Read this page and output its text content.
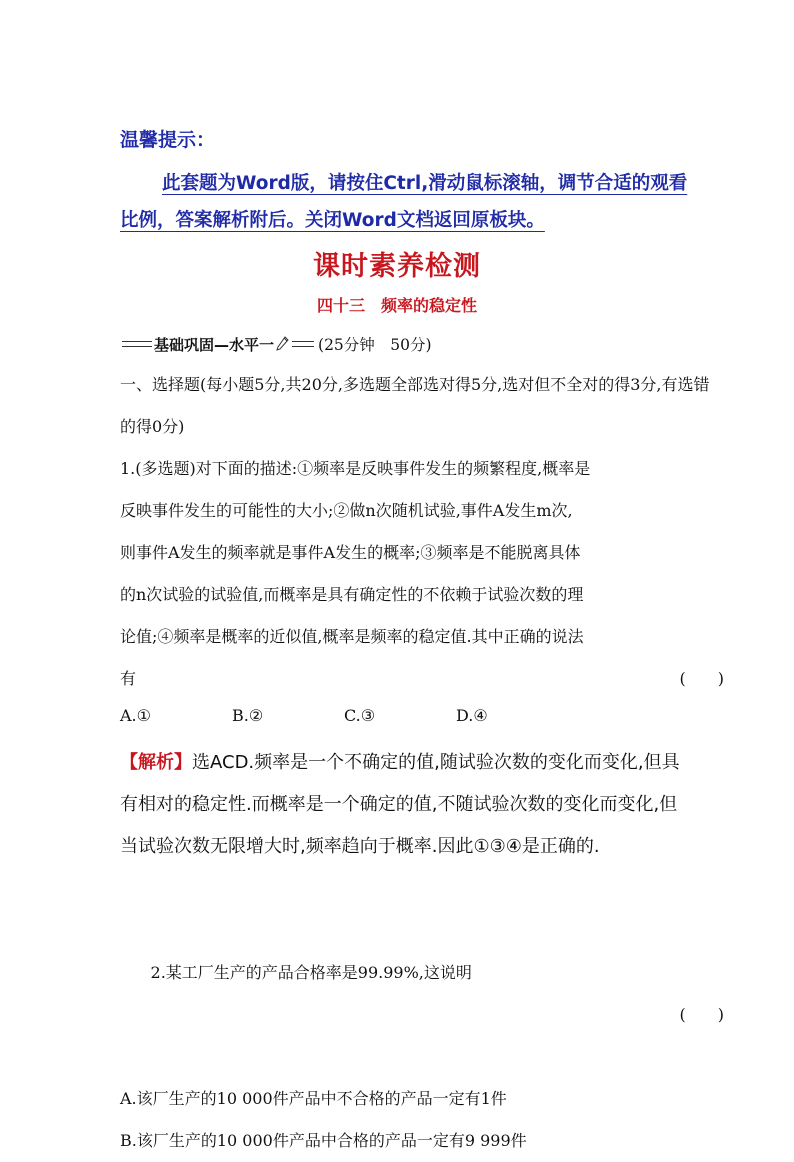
温馨提示：
此套题为Word版，请按住Ctrl,滑动鼠标滚轴，调节合适的观看比例，答案解析附后。关闭Word文档返回原板块。
课时素养检测
四十三　频率的稳定性
基础巩固—水平一	(25分钟　50分)

一、选择题(每小题5分,共20分,多选题全部选对得5分,选对但不全对的得3分,有选错的得0分)

1.(多选题)对下面的描述:①频率是反映事件发生的频繁程度,概率是

反映事件发生的可能性的大小;②做n次随机试验,事件A发生m次,

则事件A发生的频率就是事件A发生的概率;③频率是不能脱离具体

的n次试验的试验值,而概率是具有确定性的不依赖于试验次数的理

论值;④频率是概率的近似值,概率是频率的稳定值.其中正确的说法

有	(　　)
A.①	B.②	C.③	D.④
【解析】选ACD.频率是一个不确定的值,随试验次数的变化而变化,但具有相对的稳定性.而概率是一个确定的值,不随试验次数的变化而变化,但当试验次数无限增大时,频率趋向于概率.因此①③④是正确的.

2.某工厂生产的产品合格率是99.99%,这说明

(　　)

A.该厂生产的10 000件产品中不合格的产品一定有1件
B.该厂生产的10 000件产品中合格的产品一定有9 999件
